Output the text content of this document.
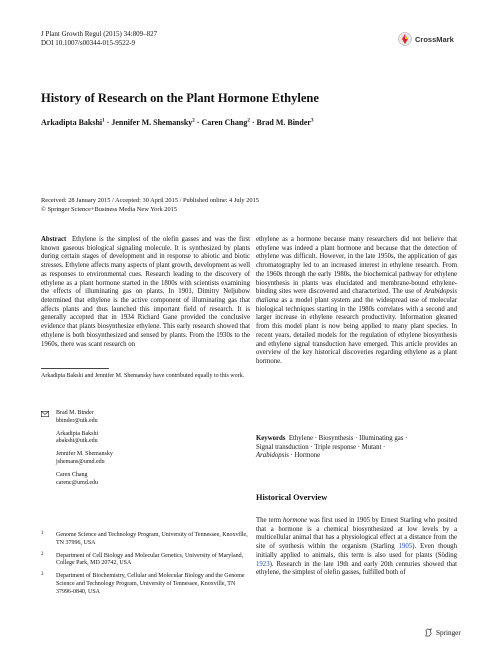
J Plant Growth Regul (2015) 34:809–827
DOI 10.1007/s00344-015-9522-9	CrossMark
History of Research on the Plant Hormone Ethylene
Arkadipta Bakshi$^1$ · Jennifer M. Shemansky$^2$ · Caren Chang$^2$ · Brad M. Binder$^3$
Received: 28 January 2015 / Accepted: 30 April 2015 / Published online: 4 July 2015
© Springer Science+Business Media New York 2015
Abstract Ethylene is the simplest of the olefin gasses and was the first known gaseous biological signaling molecule. It is synthesized by plants during certain stages of development and in response to abiotic and biotic stresses. Ethylene affects many aspects of plant growth, development as well as responses to environmental cues. Research leading to the discovery of ethylene as a plant hormone started in the 1800s with scientists examining the effects of illuminating gas on plants. In 1901, Dimitry Neljubow determined that ethylene is the active component of illuminating gas that affects plants and thus launched this important field of research. It is generally accepted that in 1934 Richard Gane provided the conclusive evidence that plants biosynthesize ethylene. This early research showed that ethylene is both biosynthesized and sensed by plants. From the 1930s to the 1960s, there was scant research on
ethylene as a hormone because many researchers did not believe that ethylene was indeed a plant hormone and because that the detection of ethylene was difficult. However, in the late 1950s, the application of gas chromatography led to an increased interest in ethylene research. From the 1960s through the early 1980s, the biochemical pathway for ethylene biosynthesis in plants was elucidated and membrane-bound ethylene-binding sites were discovered and characterized. The use of Arabidopsis thaliana as a model plant system and the widespread use of molecular biological techniques starting in the 1980s correlates with a second and larger increase in ethylene research productivity. Information gleaned from this model plant is now being applied to many plant species. In recent years, detailed models for the regulation of ethylene biosynthesis and ethylene signal transduction have emerged. This article provides an overview of the key historical discoveries regarding ethylene as a plant hormone.
Arkadipta Bakshi and Jennifer M. Shemansky have contributed equally to this work.
Brad M. Binder
bbinder@utk.edu
Arkadipta Bakshi
abakshi@utk.edu
Jennifer M. Shemansky
jshemans@umd.edu
Caren Chang
carenc@umd.edu
1 Genome Science and Technology Program, University of Tennessee, Knoxville, TN 37996, USA
2 Department of Cell Biology and Molecular Genetics, University of Maryland, College Park, MD 20742, USA
3 Department of Biochemistry, Cellular and Molecular Biology and the Genome Science and Technology Program, University of Tennessee, Knoxville, TN 37996-0840, USA
Keywords Ethylene · Biosynthesis · Illuminating gas ·
Signal transduction · Triple response · Mutant ·
Arabidopsis · Hormone
Historical Overview
The term hormone was first used in 1905 by Ernest Starling who posited that a hormone is a chemical biosynthesized at low levels by a multicellular animal that has a physiological effect at a distance from the site of synthesis within the organism (Starling 1905). Even though initially applied to animals, this term is also used for plants (Söding 1923). Research in the late 19th and early 20th centuries showed that ethylene, the simplest of olefin gasses, fulfilled both of
Springer
